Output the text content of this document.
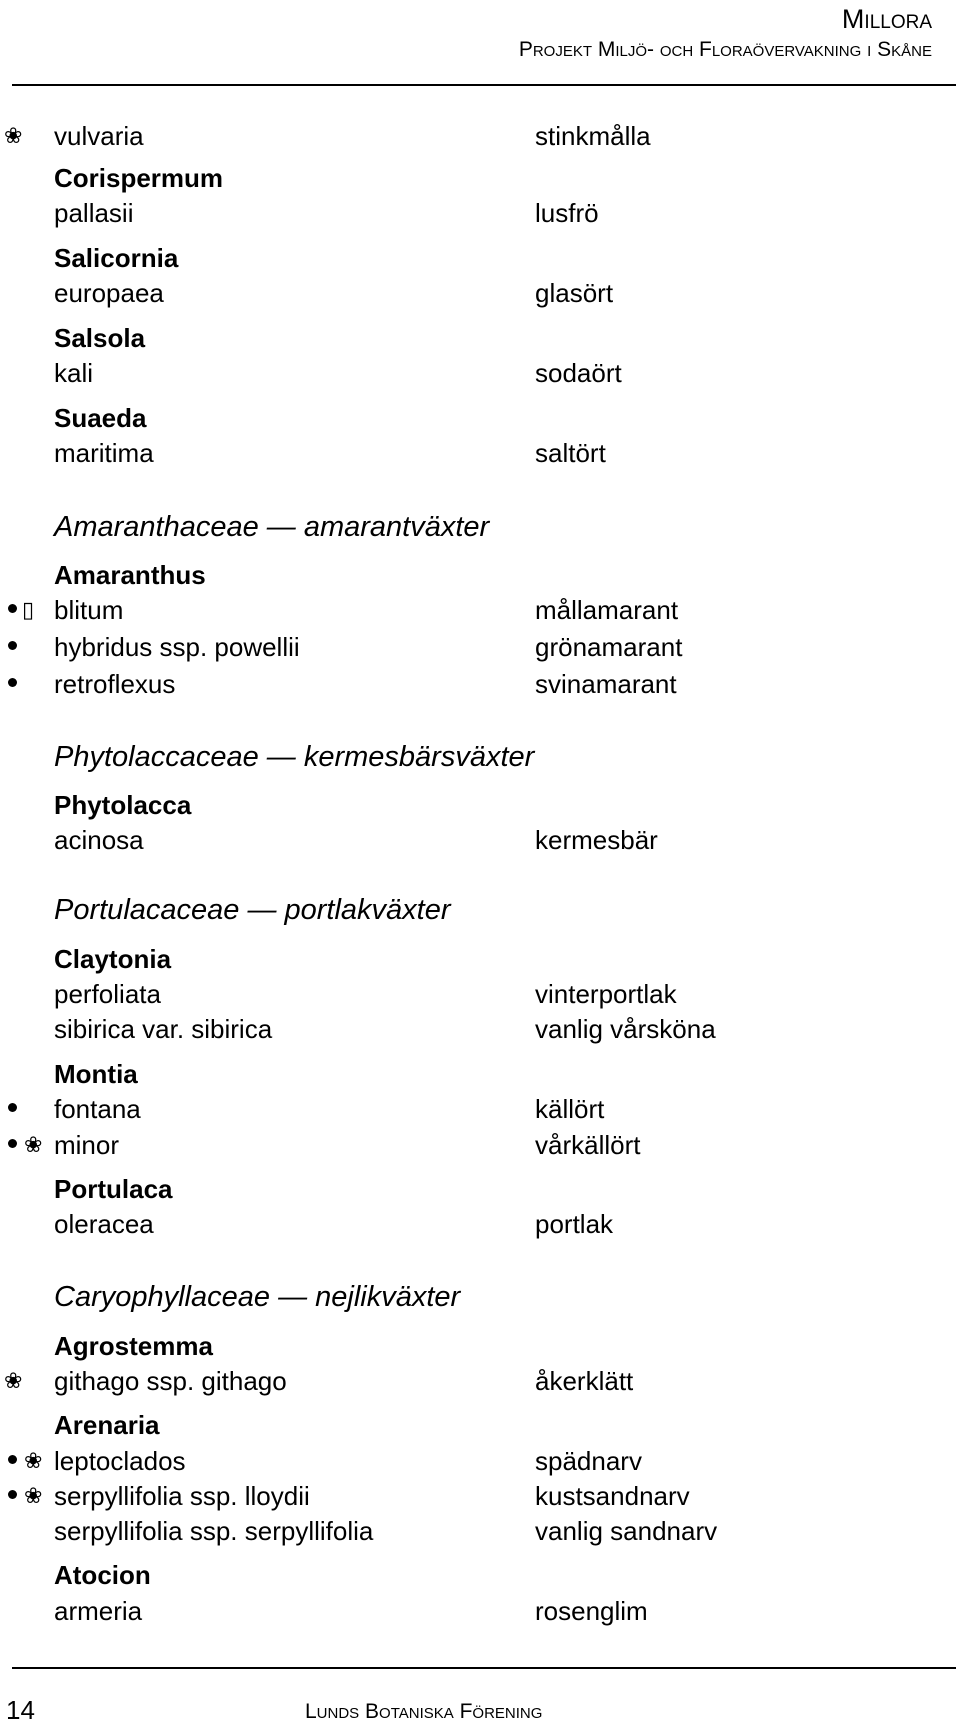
Millora
Projekt Miljö- och Floraövervakning i Skåne
❀ vulvaria	stinkmålla
Corispermum
pallasii	lusfrö
Salicornia
europaea	glasört
Salsola
kali	sodaört
Suaeda
maritima	saltört
Amaranthaceae — amarantväxter
Amaranthus
▯ blitum	mållamarant
hybridus ssp. powellii	grönamarant
retroflexus	svinamarant
Phytolaccaceae — kermesbärsväxter
Phytolacca
acinosa	kermesbär
Portulacaceae — portlakväxter
Claytonia
perfoliata	vinterportlak
sibirica var. sibirica	vanlig vårsköna
Montia
fontana	källört
❀ minor	vårkällört
Portulaca
oleracea	portlak
Caryophyllaceae — nejlikväxter
Agrostemma
❀ githago ssp. githago	åkerklätt
Arenaria
❀ leptoclados	spädnarv
❀ serpyllifolia ssp. lloydii	kustsandnarv
serpyllifolia ssp. serpyllifolia	vanlig sandnarv
Atocion
armeria	rosenglim
14	Lunds Botaniska Förening
